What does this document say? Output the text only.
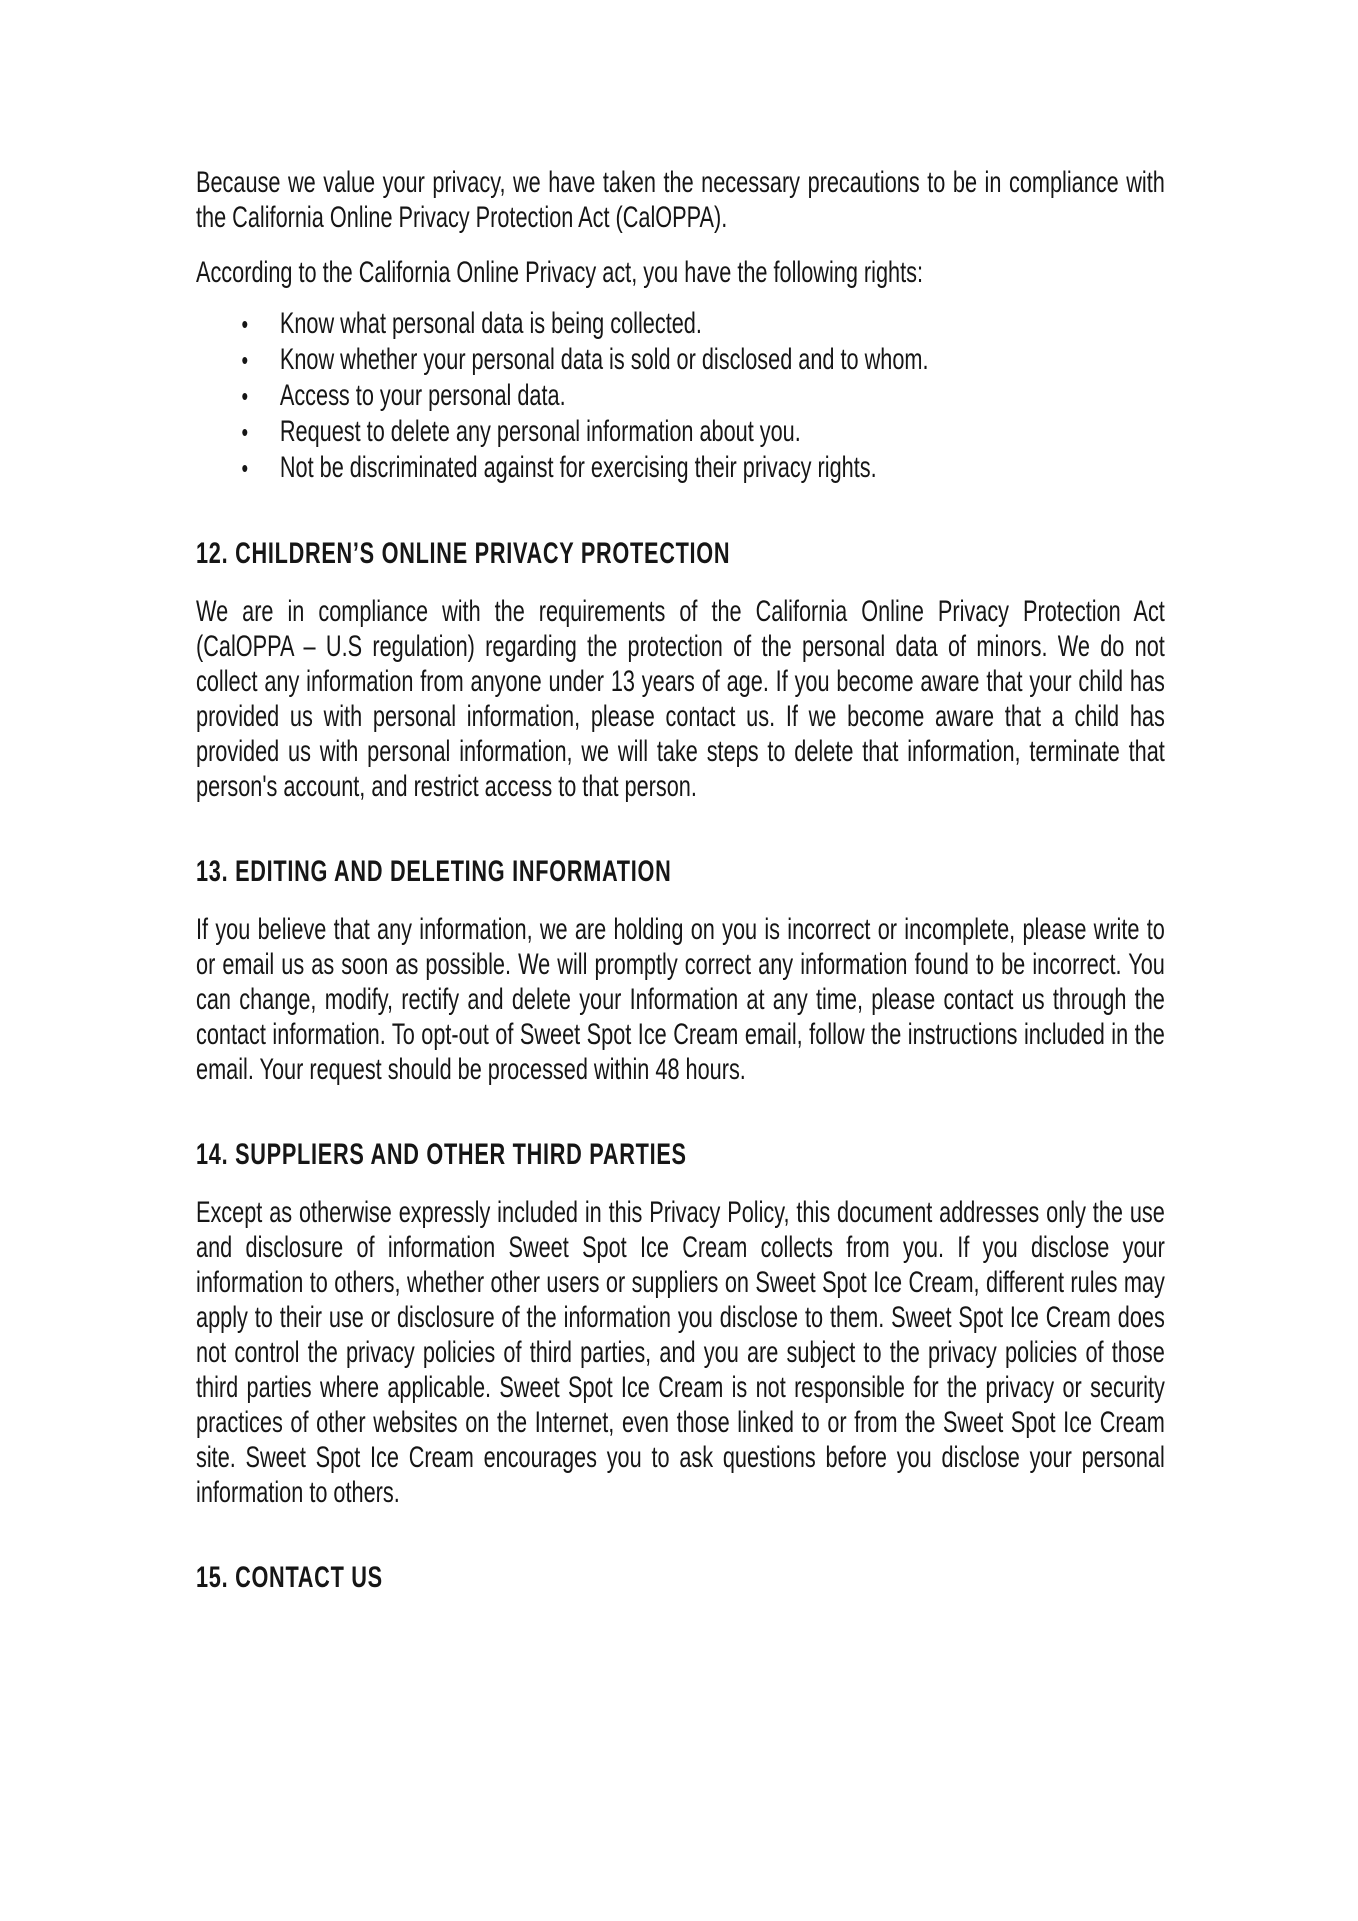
Because we value your privacy, we have taken the necessary precautions to be in compliance with the California Online Privacy Protection Act (CalOPPA).

According to the California Online Privacy act, you have the following rights:

• Know what personal data is being collected.
• Know whether your personal data is sold or disclosed and to whom.
• Access to your personal data.
• Request to delete any personal information about you.
• Not be discriminated against for exercising their privacy rights.
12. CHILDREN’S ONLINE PRIVACY PROTECTION

We are in compliance with the requirements of the California Online Privacy Protection Act (CalOPPA – U.S regulation) regarding the protection of the personal data of minors. We do not collect any information from anyone under 13 years of age. If you become aware that your child has provided us with personal information, please contact us. If we become aware that a child has provided us with personal information, we will take steps to delete that information, terminate that person's account, and restrict access to that person.

13. EDITING AND DELETING INFORMATION

If you believe that any information, we are holding on you is incorrect or incomplete, please write to or email us as soon as possible. We will promptly correct any information found to be incorrect. You can change, modify, rectify and delete your Information at any time, please contact us through the contact information. To opt-out of Sweet Spot Ice Cream email, follow the instructions included in the email. Your request should be processed within 48 hours.

14. SUPPLIERS AND OTHER THIRD PARTIES

Except as otherwise expressly included in this Privacy Policy, this document addresses only the use and disclosure of information Sweet Spot Ice Cream collects from you. If you disclose your information to others, whether other users or suppliers on Sweet Spot Ice Cream, different rules may apply to their use or disclosure of the information you disclose to them. Sweet Spot Ice Cream does not control the privacy policies of third parties, and you are subject to the privacy policies of those third parties where applicable. Sweet Spot Ice Cream is not responsible for the privacy or security practices of other websites on the Internet, even those linked to or from the Sweet Spot Ice Cream site. Sweet Spot Ice Cream encourages you to ask questions before you disclose your personal information to others.

15. CONTACT US
